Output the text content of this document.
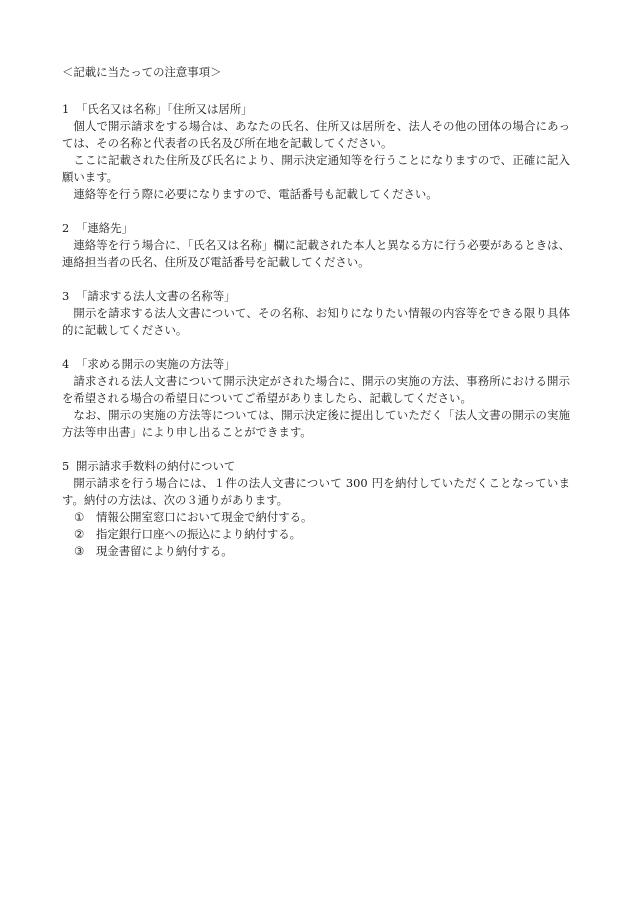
＜記載に当たっての注意事項＞

1 「氏名又は名称」「住所又は居所」

個人で開示請求をする場合は、あなたの氏名、住所又は居所を、法人その他の団体の場合にあっては、その名称と代表者の氏名及び所在地を記載してください。

ここに記載された住所及び氏名により、開示決定通知等を行うことになりますので、正確に記入願います。

連絡等を行う際に必要になりますので、電話番号も記載してください。

2 「連絡先」

連絡等を行う場合に､「氏名又は名称」欄に記載された本人と異なる方に行う必要があるときは、連絡担当者の氏名、住所及び電話番号を記載してください。

3 「請求する法人文書の名称等」

開示を請求する法人文書について、その名称、お知りになりたい情報の内容等をできる限り具体的に記載してください。

4 「求める開示の実施の方法等」

請求される法人文書について開示決定がされた場合に、開示の実施の方法、事務所における開示を希望される場合の希望日についてご希望がありましたら、記載してください。

なお、開示の実施の方法等については、開示決定後に提出していただく「法人文書の開示の実施方法等申出書」により申し出ることができます。

5 開示請求手数料の納付について

開示請求を行う場合には、１件の法人文書について 300 円を納付していただくことなっています。納付の方法は、次の３通りがあります。

① 情報公開室窓口において現金で納付する。
② 指定銀行口座への振込により納付する。
③ 現金書留により納付する。
